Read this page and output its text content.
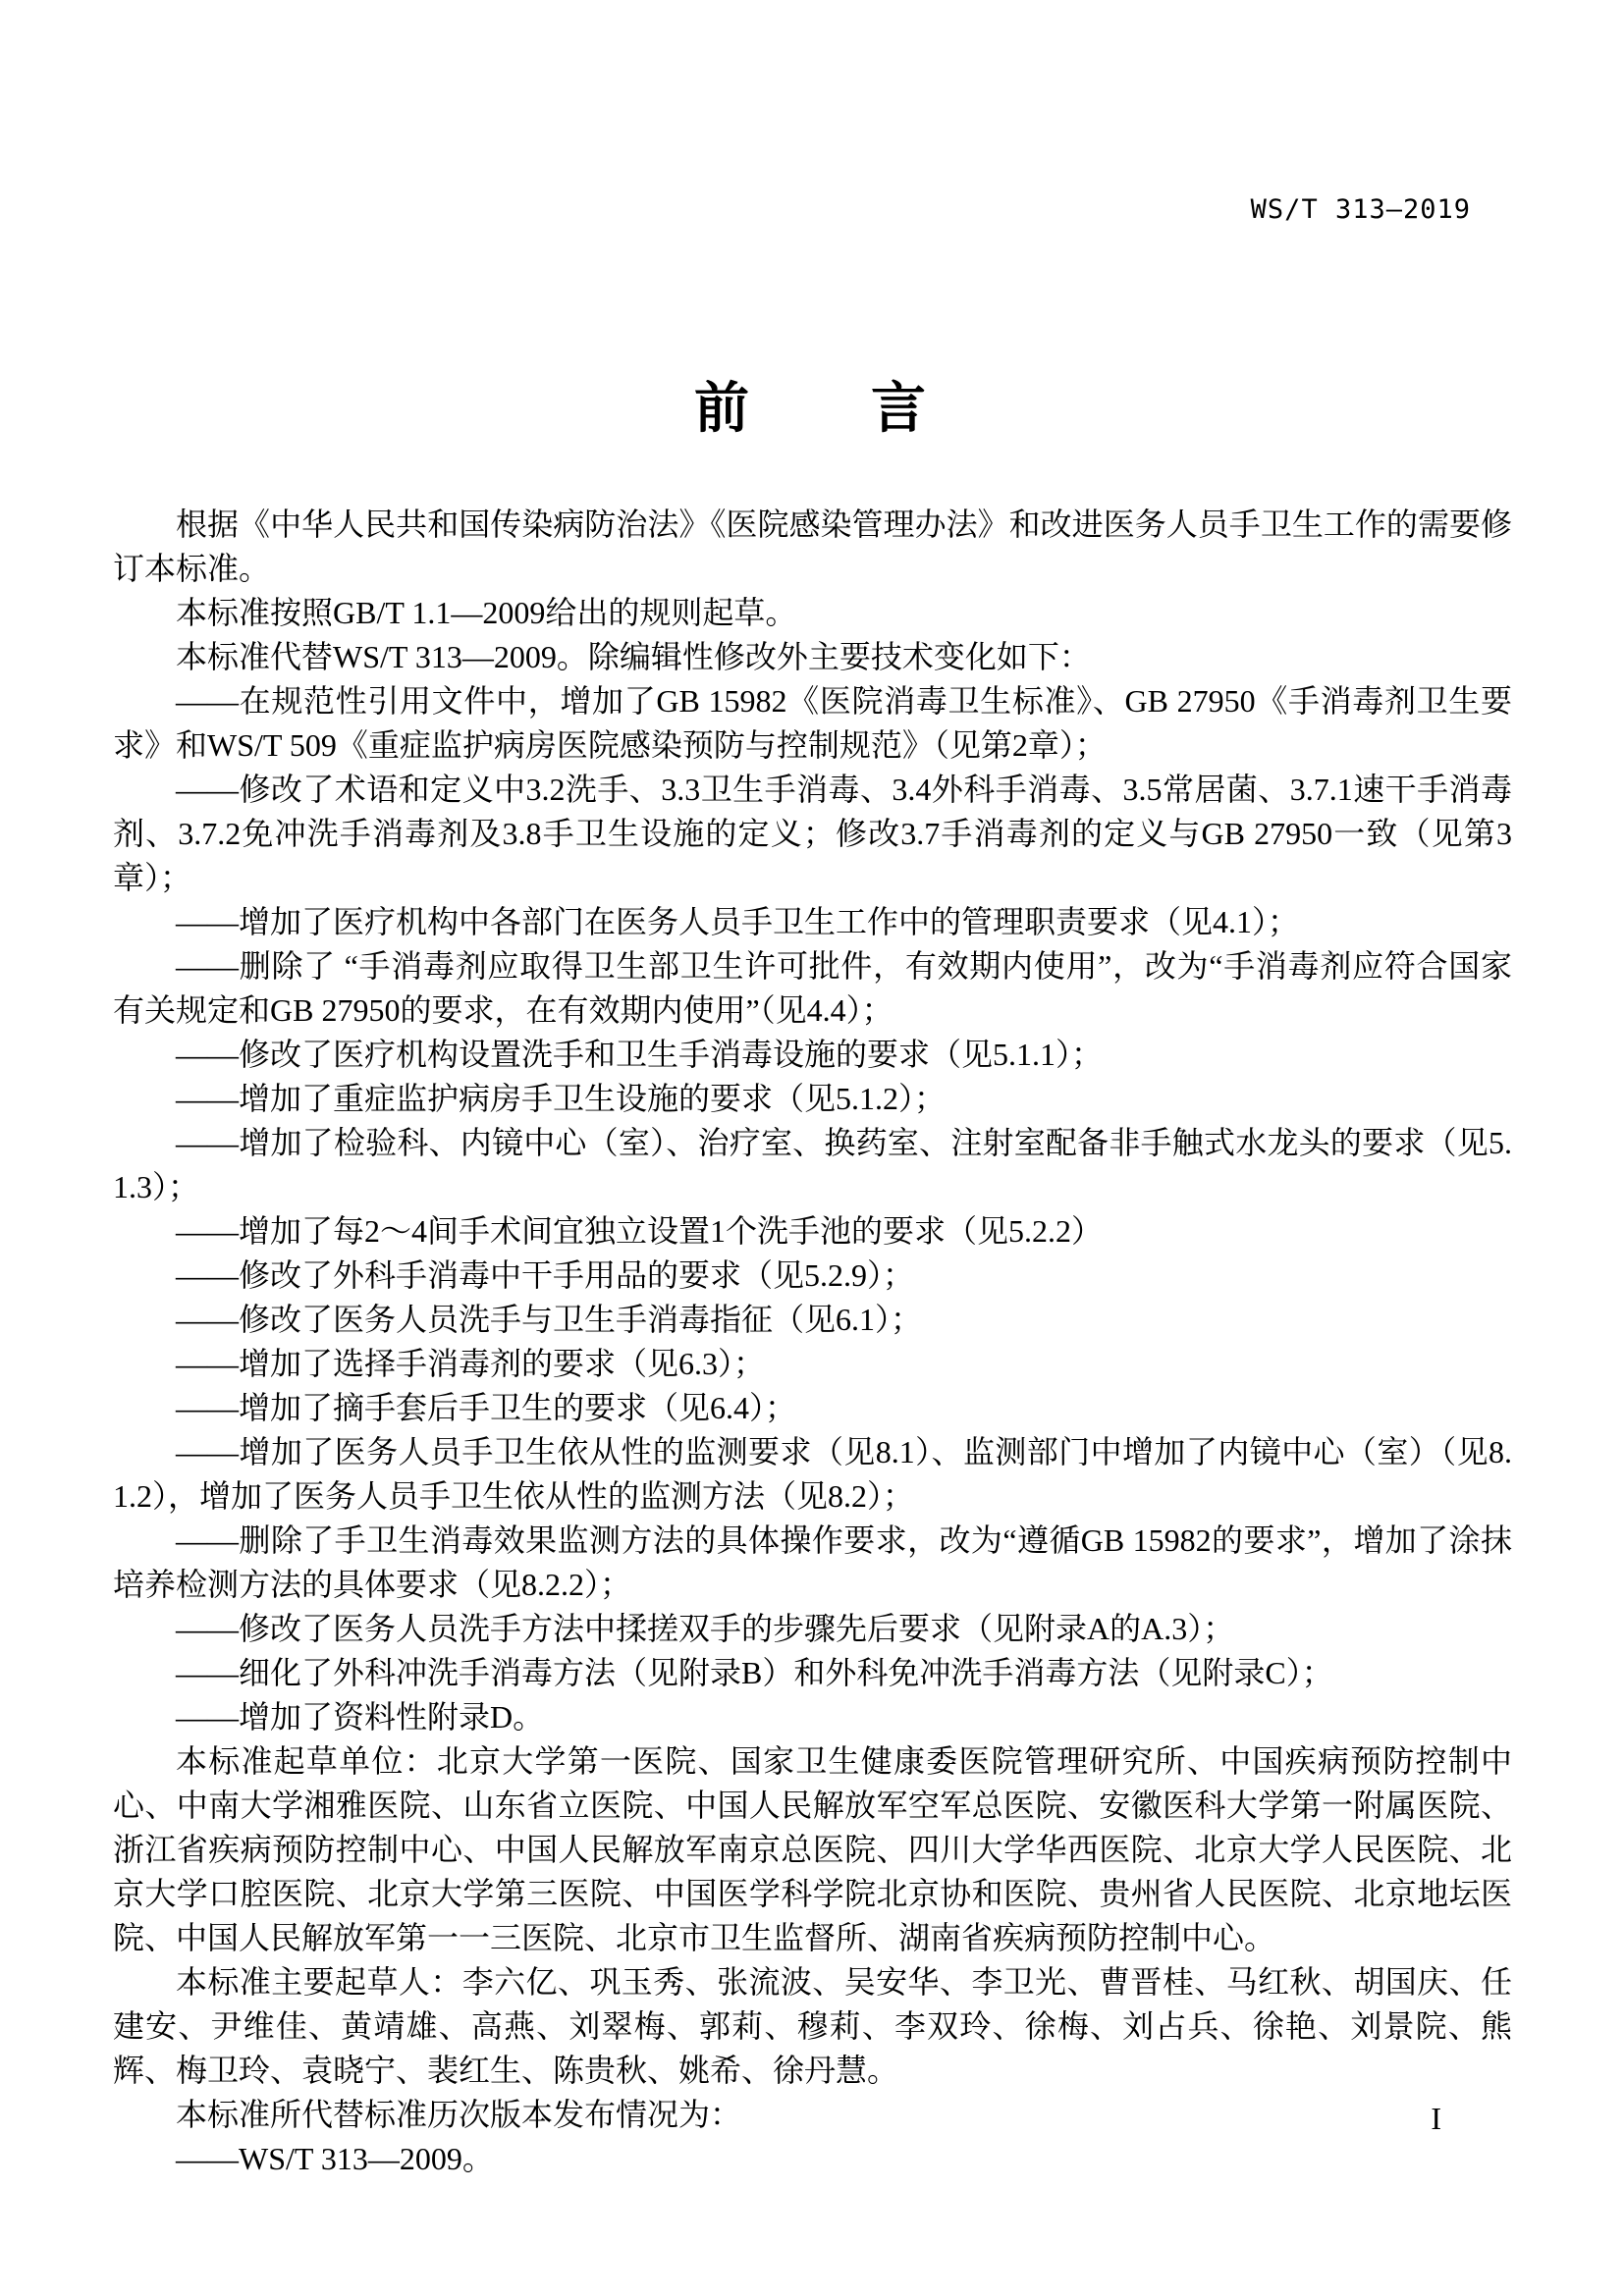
WS/T 313—2019
前　　言

根据《中华人民共和国传染病防治法》《医院感染管理办法》和改进医务人员手卫生工作的需要修订本标准。

本标准按照GB/T 1.1—2009给出的规则起草。

本标准代替WS/T 313—2009。除编辑性修改外主要技术变化如下：

——在规范性引用文件中，增加了GB 15982《医院消毒卫生标准》、GB 27950《手消毒剂卫生要求》和WS/T 509《重症监护病房医院感染预防与控制规范》（见第2章）；

——修改了术语和定义中3.2洗手、3.3卫生手消毒、3.4外科手消毒、3.5常居菌、3.7.1速干手消毒剂、3.7.2免冲洗手消毒剂及3.8手卫生设施的定义；修改3.7手消毒剂的定义与GB 27950一致（见第3章）；

——增加了医疗机构中各部门在医务人员手卫生工作中的管理职责要求（见4.1）；

——删除了 “手消毒剂应取得卫生部卫生许可批件，有效期内使用”，改为“手消毒剂应符合国家有关规定和GB 27950的要求，在有效期内使用”（见4.4）；

——修改了医疗机构设置洗手和卫生手消毒设施的要求（见5.1.1）；

——增加了重症监护病房手卫生设施的要求（见5.1.2）；

——增加了检验科、内镜中心（室）、治疗室、换药室、注射室配备非手触式水龙头的要求（见5.1.3）；

——增加了每2～4间手术间宜独立设置1个洗手池的要求（见5.2.2）

——修改了外科手消毒中干手用品的要求（见5.2.9）；

——修改了医务人员洗手与卫生手消毒指征（见6.1）；

——增加了选择手消毒剂的要求（见6.3）；

——增加了摘手套后手卫生的要求（见6.4）；

——增加了医务人员手卫生依从性的监测要求（见8.1）、监测部门中增加了内镜中心（室）（见8.1.2），增加了医务人员手卫生依从性的监测方法（见8.2）；

——删除了手卫生消毒效果监测方法的具体操作要求，改为“遵循GB 15982的要求”，增加了涂抹培养检测方法的具体要求（见8.2.2）；

——修改了医务人员洗手方法中揉搓双手的步骤先后要求（见附录A的A.3）；

——细化了外科冲洗手消毒方法（见附录B）和外科免冲洗手消毒方法（见附录C）；

——增加了资料性附录D。

本标准起草单位：北京大学第一医院、国家卫生健康委医院管理研究所、中国疾病预防控制中心、中南大学湘雅医院、山东省立医院、中国人民解放军空军总医院、安徽医科大学第一附属医院、浙江省疾病预防控制中心、中国人民解放军南京总医院、四川大学华西医院、北京大学人民医院、北京大学口腔医院、北京大学第三医院、中国医学科学院北京协和医院、贵州省人民医院、北京地坛医院、中国人民解放军第一一三医院、北京市卫生监督所、湖南省疾病预防控制中心。

本标准主要起草人：李六亿、巩玉秀、张流波、吴安华、李卫光、曹晋桂、马红秋、胡国庆、任建安、尹维佳、黄靖雄、高燕、刘翠梅、郭莉、穆莉、李双玲、徐梅、刘占兵、徐艳、刘景院、熊辉、梅卫玲、袁晓宁、裴红生、陈贵秋、姚希、徐丹慧。

本标准所代替标准历次版本发布情况为：

——WS/T 313—2009。

I
